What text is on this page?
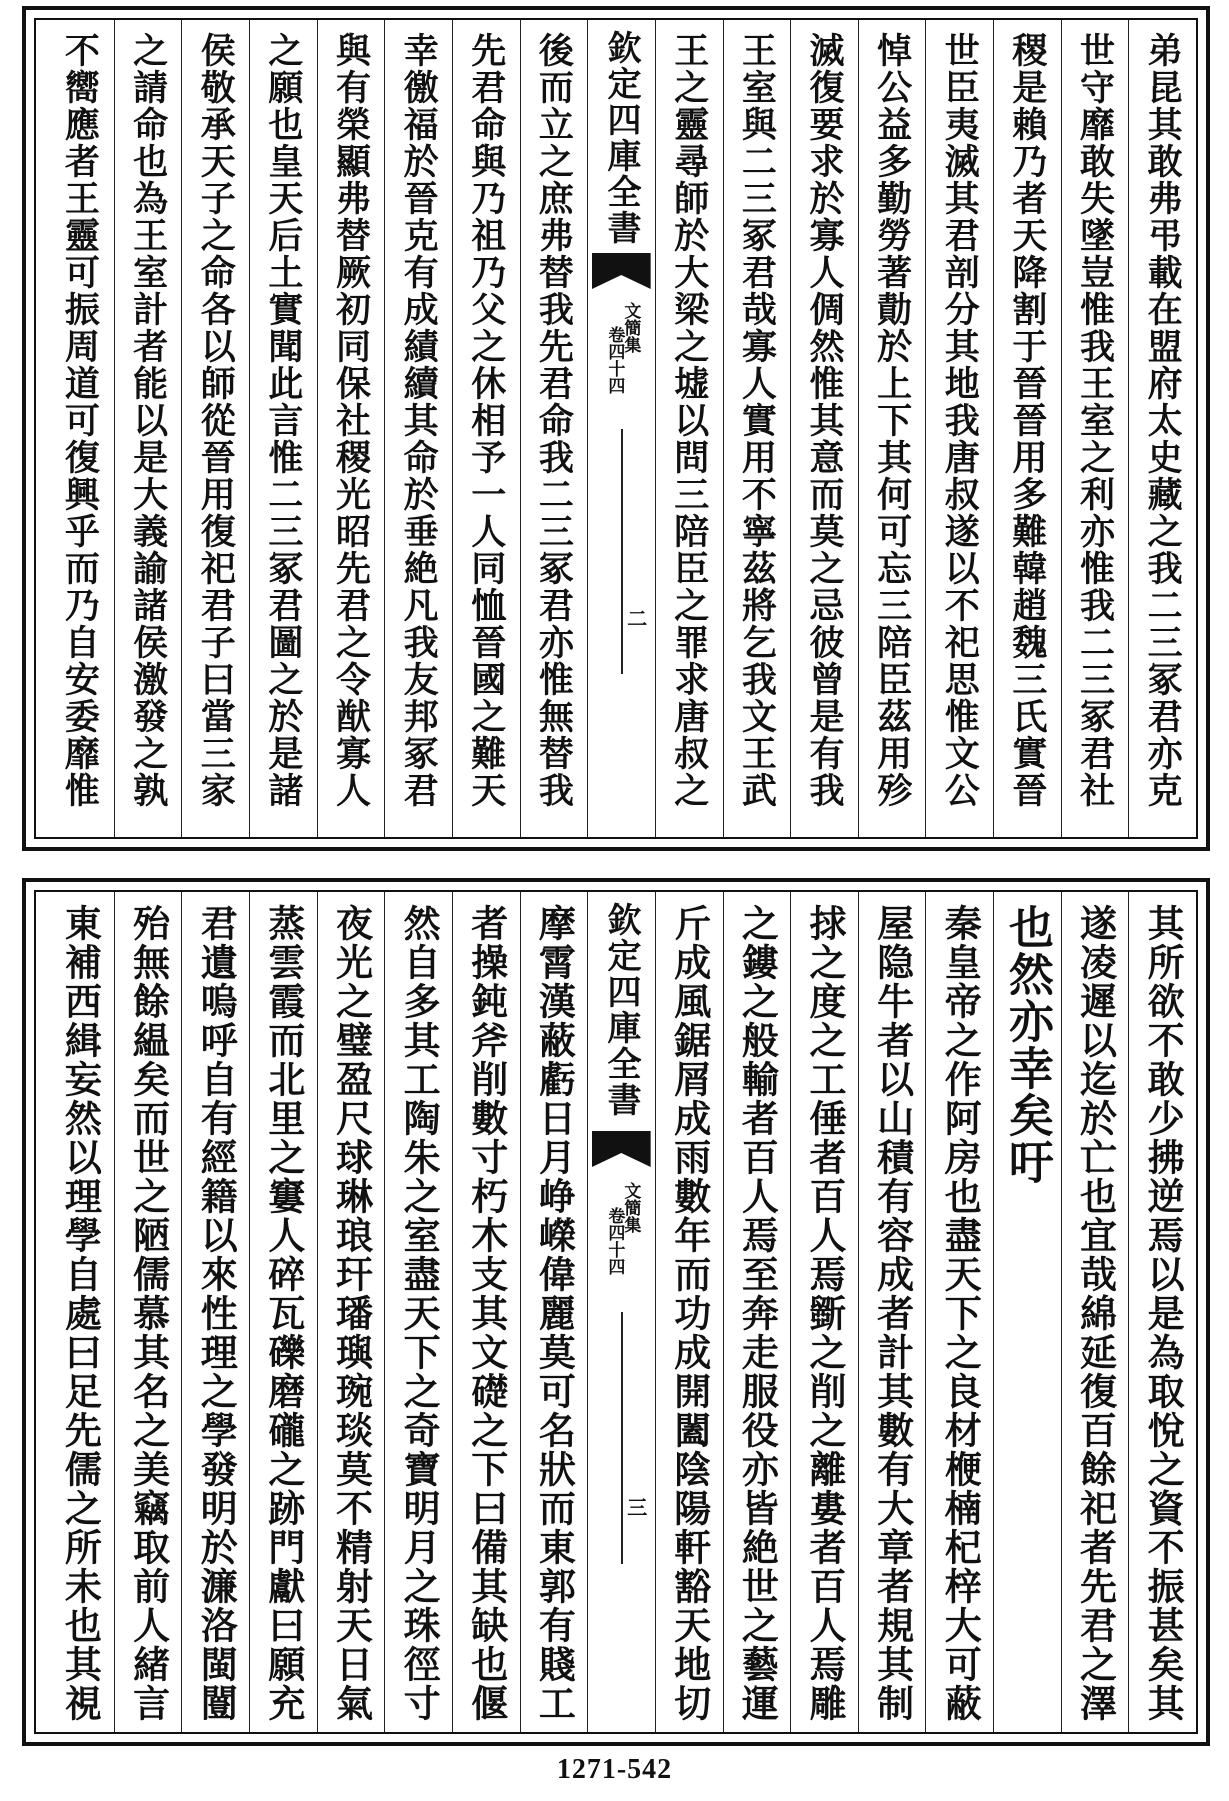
弟昆其敢弗弔載在盟府太史藏之我二三冢君亦克
世守靡敢失墜豈惟我王室之利亦惟我二三冢君社
稷是賴乃者天降割于晉晉用多難韓趙魏三氏實晉
世臣夷滅其君剖分其地我唐叔遂以不祀思惟文公
悼公益多勤勞著勣於上下其何可忘三陪臣茲用殄
滅復要求於寡人倜然惟其意而莫之忌彼曾是有我
王室與二三冢君哉寡人實用不寧茲將乞我文王武
王之靈尋師於大梁之墟以問三陪臣之罪求唐叔之
欽定四庫全書
文簡集
卷四十四
二
後而立之庶弗替我先君命我二三冢君亦惟無替我
先君命與乃祖乃父之休相予一人同恤晉國之難天
幸徼福於晉克有成績續其命於垂絶凡我友邦冢君
與有榮顯弗替厥初同保社稷光昭先君之令猷寡人
之願也皇天后土實聞此言惟二三冢君圖之於是諸
侯敬承天子之命各以師從晉用復祀君子曰當三家
之請命也為王室計者能以是大義諭諸侯激發之孰
不嚮應者王靈可振周道可復興乎而乃自安委靡惟
其所欲不敢少拂逆焉以是為取悅之資不振甚矣其
遂凌遲以迄於亡也宜哉綿延復百餘祀者先君之澤
也然亦幸矣吁
秦皇帝之作阿房也盡天下之良材楩楠杞梓大可蔽
屋隐牛者以山積有容成者計其數有大章者規其制
捄之度之工倕者百人焉斵之削之離婁者百人焉雕
之鏤之般輸者百人焉至奔走服役亦皆絶世之藝運
斤成風鋸屑成雨數年而功成開闔陰陽軒豁天地切
欽定四庫全書
文簡集
卷四十四
三
摩霄漢蔽虧日月峥嶸偉麗莫可名狀而東郭有賤工
者操鈍斧削數寸朽木支其文礎之下曰備其缺也偃
然自多其工陶朱之室盡天下之奇寶明月之珠徑寸
夜光之璧盈尺球琳琅玕璠璵琬琰莫不精射天日氣
蒸雲霞而北里之窶人碎瓦礫磨礲之跡門獻曰願充
君遺嗚呼自有經籍以來性理之學發明於濂洛閩闓
殆無餘緼矣而世之陋儒慕其名之美竊取前人緒言
東補西緝妄然以理學自處曰足先儒之所未也其視
1271-542
